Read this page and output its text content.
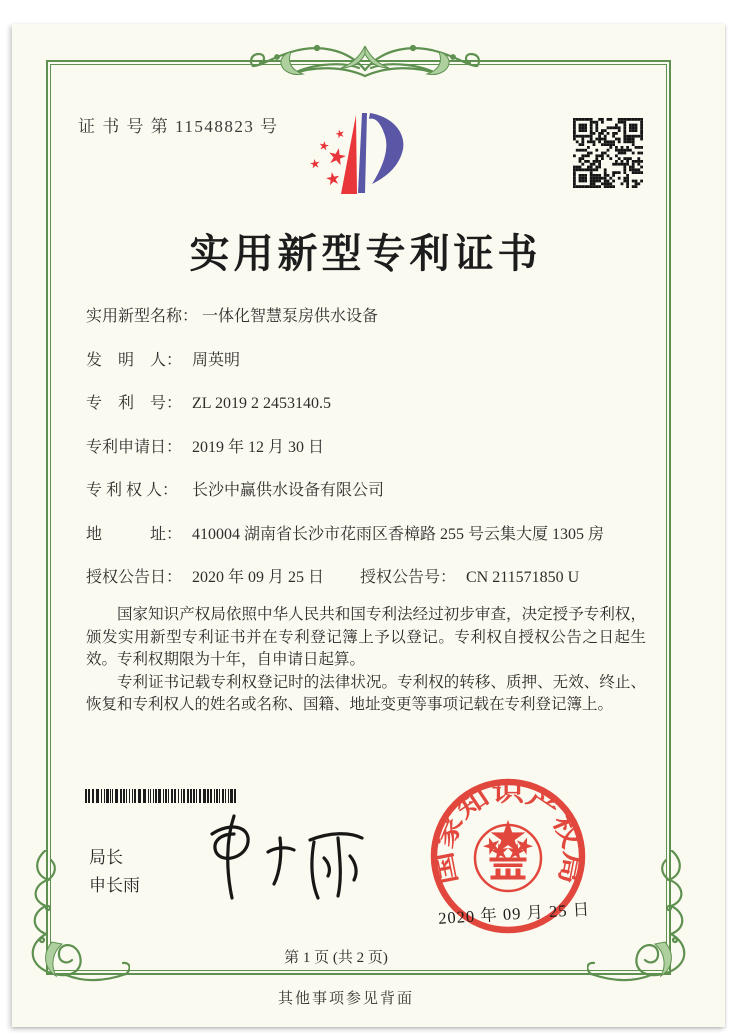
证 书 号 第 11548823 号
实用新型专利证书
实用新型名称： 一体化智慧泵房供水设备
发　明　人： 周英明
专　利　号： ZL 2019 2 2453140.5
专利申请日： 2019 年 12 月 30 日
专 利 权 人： 长沙中赢供水设备有限公司
地　　　址： 410004 湖南省长沙市花雨区香樟路 255 号云集大厦 1305 房
授权公告日： 2020 年 09 月 25 日 授权公告号： CN 211571850 U

国家知识产权局依照中华人民共和国专利法经过初步审查，决定授予专利权，颁发实用新型专利证书并在专利登记簿上予以登记。专利权自授权公告之日起生效。专利权期限为十年，自申请日起算。

专利证书记载专利权登记时的法律状况。专利权的转移、质押、无效、终止、恢复和专利权人的姓名或名称、国籍、地址变更等事项记载在专利登记簿上。

局长
申长雨	国家知识产权局
2020 年 09 月 25 日
第 1 页 (共 2 页)
其他事项参见背面
